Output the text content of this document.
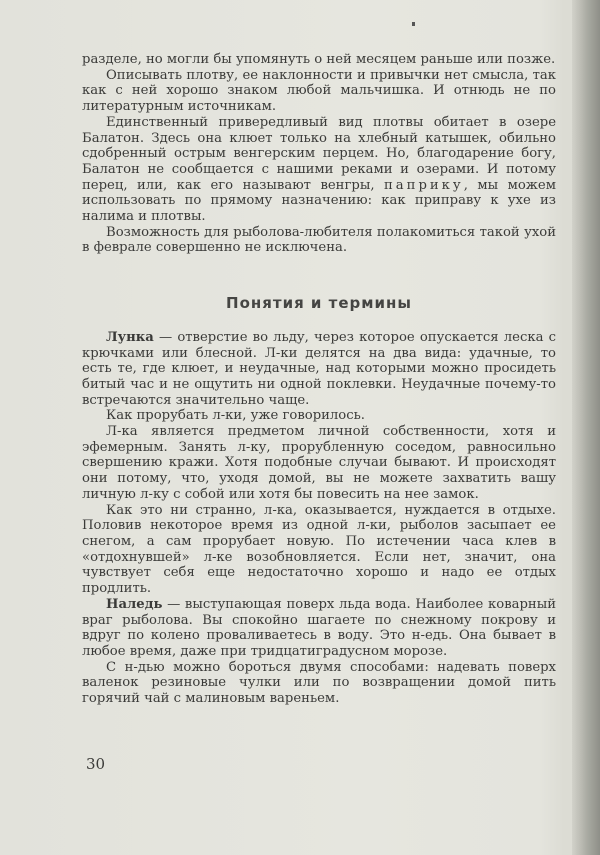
разделе, но могли бы упомянуть о ней месяцем раньше или позже.

Описывать плотву, ее наклонности и привычки нет смысла, так как с ней хорошо знаком любой мальчишка. И отнюдь не по литературным источникам.

Единственный привередливый вид плотвы обитает в озере Балатон. Здесь она клюет только на хлебный катышек, обильно сдобренный острым венгерским перцем. Но, благодарение богу, Балатон не сообщается с нашими реками и озерами. И потому перец, или, как его называют венгры, паприку, мы можем использовать по прямому назначению: как приправу к ухе из налима и плотвы.

Возможность для рыболова-любителя полакомиться такой ухой в феврале совершенно не исключена.

Понятия и термины

Лунка — отверстие во льду, через которое опускается леска с крючками или блесной. Л-ки делятся на два вида: удачные, то есть те, где клюет, и неудачные, над которыми можно просидеть битый час и не ощутить ни одной поклевки. Неудачные почему-то встречаются значительно чаще.

Как прорубать л-ки, уже говорилось.

Л-ка является предметом личной собственности, хотя и эфемерным. Занять л-ку, прорубленную соседом, равносильно свершению кражи. Хотя подобные случаи бывают. И происходят они потому, что, уходя домой, вы не можете захватить вашу личную л-ку с собой или хотя бы повесить на нее замок.

Как это ни странно, л-ка, оказывается, нуждается в отдыхе. Половив некоторое время из одной л-ки, рыболов засыпает ее снегом, а сам прорубает новую. По истечении часа клев в «отдохнувшей» л-ке возобновляется. Если нет, значит, она чувствует себя еще недостаточно хорошо и надо ее отдых продлить.

Наледь — выступающая поверх льда вода. Наиболее коварный враг рыболова. Вы спокойно шагаете по снежному покрову и вдруг по колено проваливаетесь в воду. Это н-едь. Она бывает в любое время, даже при тридцатиградусном морозе.

С н-дью можно бороться двумя способами: надевать поверх валенок резиновые чулки или по возвращении домой пить горячий чай с малиновым вареньем.

30
